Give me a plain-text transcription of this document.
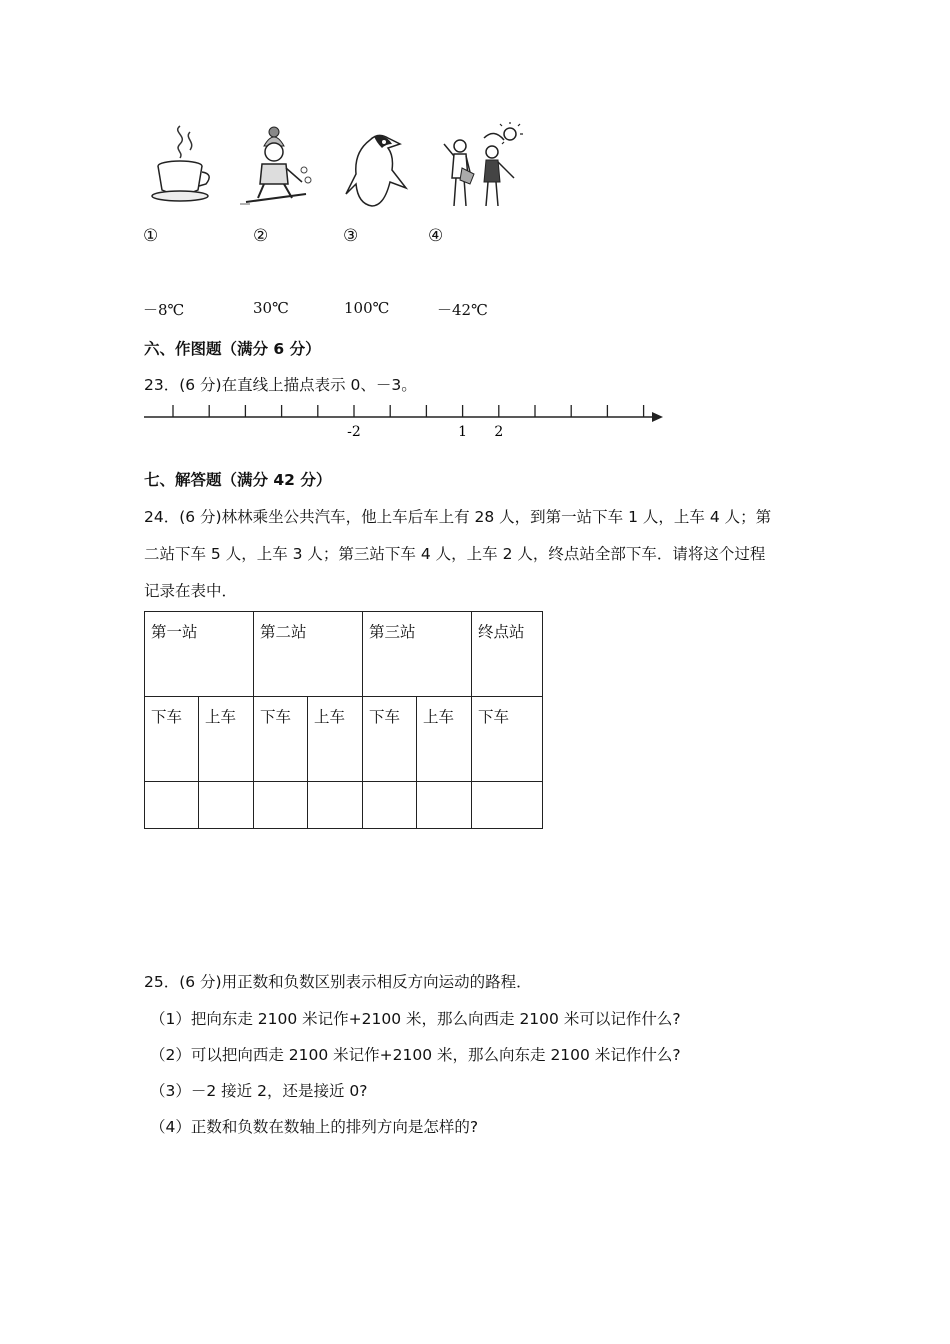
①	②	③	④
－8℃	30℃	100℃	－42℃
六、作图题（满分 6 分）
23．(6 分)在直线上描点表示 0、－3。
-2	1 2
七、解答题（满分 42 分）
24．(6 分)林林乘坐公共汽车，他上车后车上有 28 人，到第一站下车 1 人，上车 4 人；第
二站下车 5 人，上车 3 人；第三站下车 4 人，上车 2 人，终点站全部下车．请将这个过程
记录在表中．
第一站		第二站		第三站		终点站
下车	上车	下车	上车	下车	上车	下车

25．(6 分)用正数和负数区别表示相反方向运动的路程．
（1）把向东走 2100 米记作+2100 米，那么向西走 2100 米可以记作什么?
（2）可以把向西走 2100 米记作+2100 米，那么向东走 2100 米记作什么?
（3）－2 接近 2，还是接近 0?
（4）正数和负数在数轴上的排列方向是怎样的?
